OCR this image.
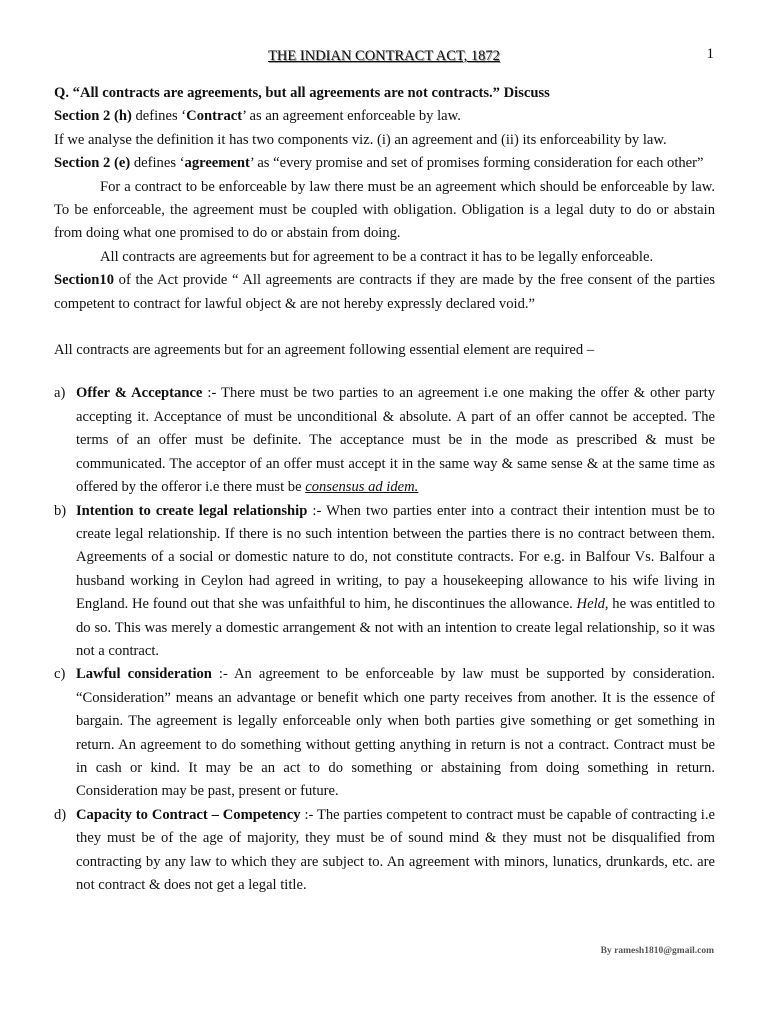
THE INDIAN CONTRACT ACT, 1872	1

Q. “All contracts are agreements, but all agreements are not contracts.” Discuss

Section 2 (h) defines ‘Contract’ as an agreement enforceable by law.

If we analyse the definition it has two components viz. (i) an agreement and (ii) its enforceability by law.

Section 2 (e) defines ‘agreement’ as “every promise and set of promises forming consideration for each other”

For a contract to be enforceable by law there must be an agreement which should be enforceable by law. To be enforceable, the agreement must be coupled with obligation. Obligation is a legal duty to do or abstain from doing what one promised to do or abstain from doing.

All contracts are agreements but for agreement to be a contract it has to be legally enforceable.

Section10 of the Act provide “ All agreements are contracts if they are made by the free consent of the parties competent to contract for lawful object & are not hereby expressly declared void.”

All contracts are agreements but for an agreement following essential element are required –

a) Offer & Acceptance :- There must be two parties to an agreement i.e one making the offer & other party accepting it. Acceptance of must be unconditional & absolute. A part of an offer cannot be accepted. The terms of an offer must be definite. The acceptance must be in the mode as prescribed & must be communicated. The acceptor of an offer must accept it in the same way & same sense & at the same time as offered by the offeror i.e there must be consensus ad idem.
b) Intention to create legal relationship :- When two parties enter into a contract their intention must be to create legal relationship. If there is no such intention between the parties there is no contract between them. Agreements of a social or domestic nature to do, not constitute contracts. For e.g. in Balfour Vs. Balfour a husband working in Ceylon had agreed in writing, to pay a housekeeping allowance to his wife living in England. He found out that she was unfaithful to him, he discontinues the allowance. Held, he was entitled to do so. This was merely a domestic arrangement & not with an intention to create legal relationship, so it was not a contract.
c) Lawful consideration :- An agreement to be enforceable by law must be supported by consideration. “Consideration” means an advantage or benefit which one party receives from another. It is the essence of bargain. The agreement is legally enforceable only when both parties give something or get something in return. An agreement to do something without getting anything in return is not a contract. Contract must be in cash or kind. It may be an act to do something or abstaining from doing something in return. Consideration may be past, present or future.
d) Capacity to Contract – Competency :- The parties competent to contract must be capable of contracting i.e they must be of the age of majority, they must be of sound mind & they must not be disqualified from contracting by any law to which they are subject to. An agreement with minors, lunatics, drunkards, etc. are not contract & does not get a legal title.
By ramesh1810@gmail.com
